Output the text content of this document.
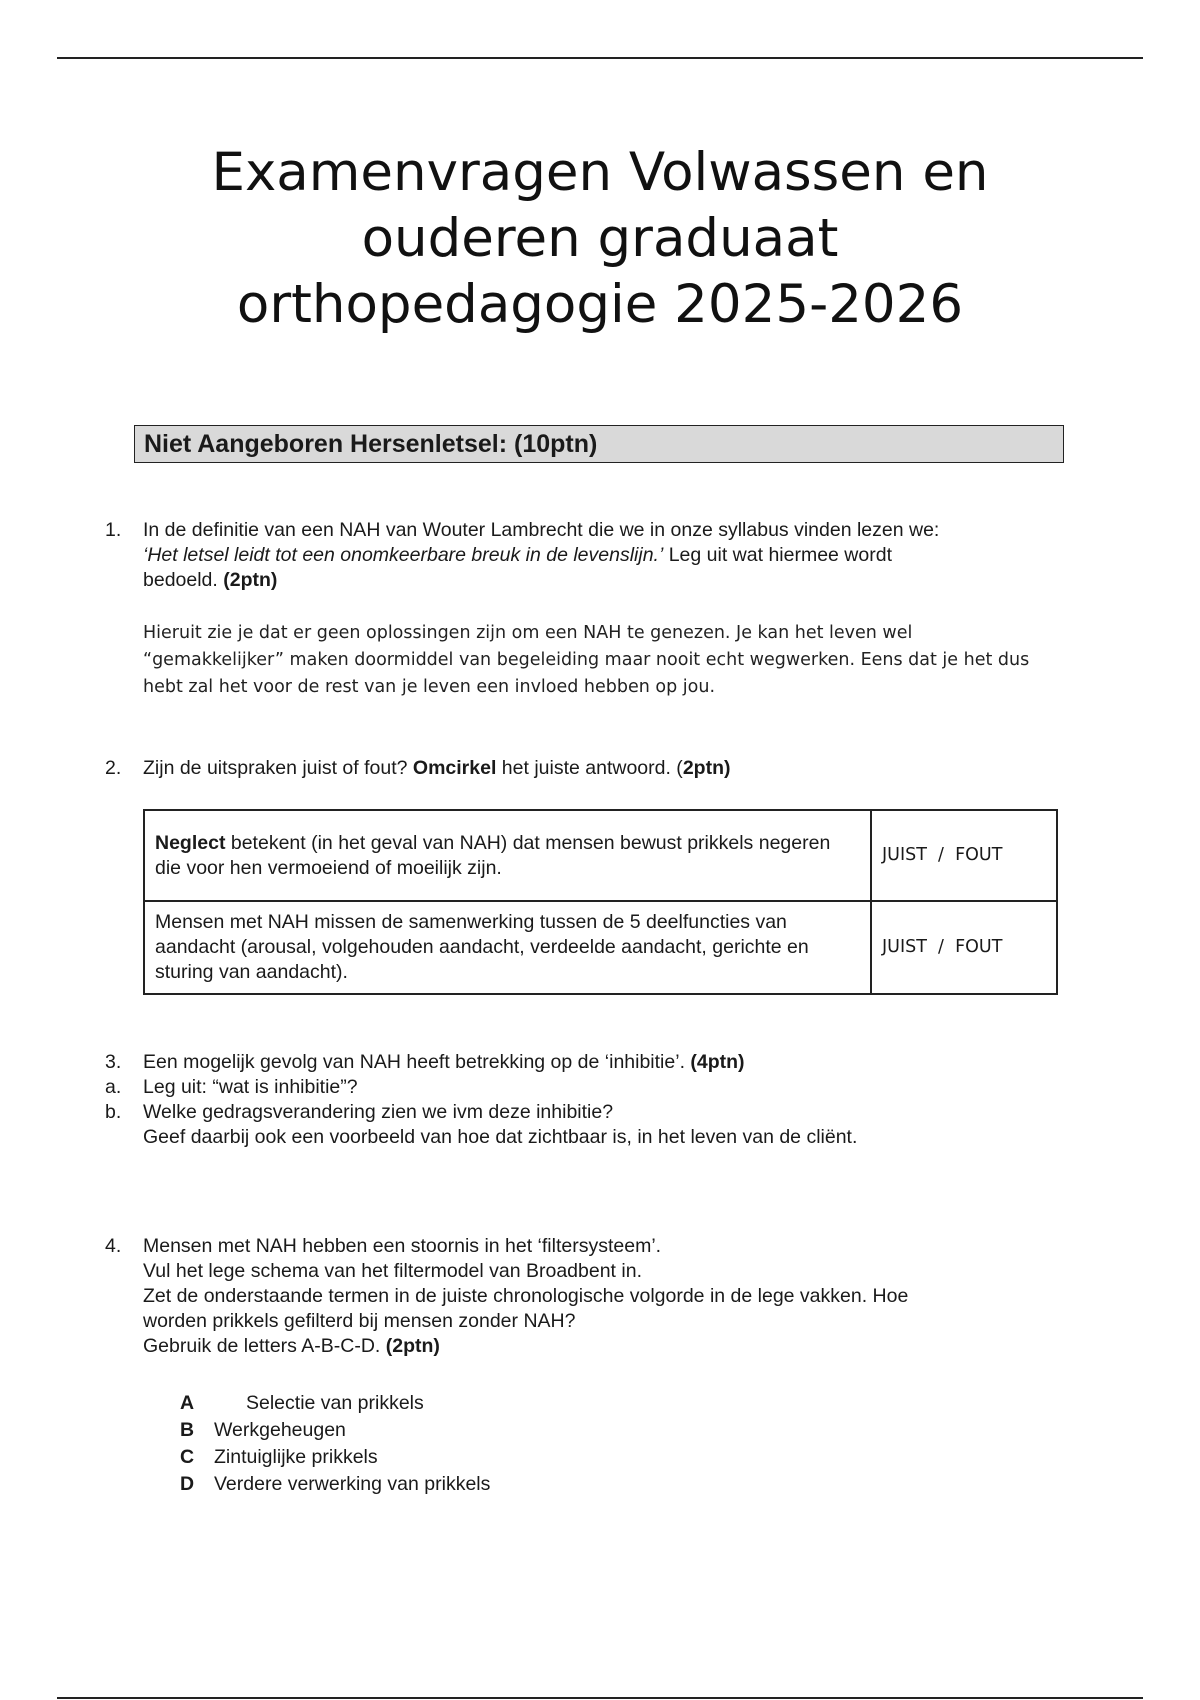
Examenvragen Volwassen en
ouderen graduaat
orthopedagogie 2025-2026
Niet Aangeboren Hersenletsel: (10ptn)
1. In de definitie van een NAH van Wouter Lambrecht die we in onze syllabus vinden lezen we:
‘Het letsel leidt tot een onomkeerbare breuk in de levenslijn.’ Leg uit wat hiermee wordt
bedoeld. (2ptn)
Hieruit zie je dat er geen oplossingen zijn om een NAH te genezen. Je kan het leven wel
“gemakkelijker” maken doormiddel van begeleiding maar nooit echt wegwerken. Eens dat je het dus
hebt zal het voor de rest van je leven een invloed hebben op jou.
2. Zijn de uitspraken juist of fout? Omcirkel het juiste antwoord. (2ptn)
Neglect betekent (in het geval van NAH) dat mensen bewust prikkels negeren die voor hen vermoeiend of moeilijk zijn.	JUIST  /  FOUT
Mensen met NAH missen de samenwerking tussen de 5 deelfuncties van aandacht (arousal, volgehouden aandacht, verdeelde aandacht, gerichte en sturing van aandacht).	JUIST  /  FOUT
3. Een mogelijk gevolg van NAH heeft betrekking op de ‘inhibitie’. (4ptn)
a. Leg uit: “wat is inhibitie”?
b. Welke gedragsverandering zien we ivm deze inhibitie?
Geef daarbij ook een voorbeeld van hoe dat zichtbaar is, in het leven van de cliënt.
4. Mensen met NAH hebben een stoornis in het ‘filtersysteem’.
Vul het lege schema van het filtermodel van Broadbent in.
Zet de onderstaande termen in de juiste chronologische volgorde in de lege vakken. Hoe
worden prikkels gefilterd bij mensen zonder NAH?
Gebruik de letters A-B-C-D. (2ptn)
A	Selectie van prikkels
B Werkgeheugen
C Zintuiglijke prikkels
D Verdere verwerking van prikkels
